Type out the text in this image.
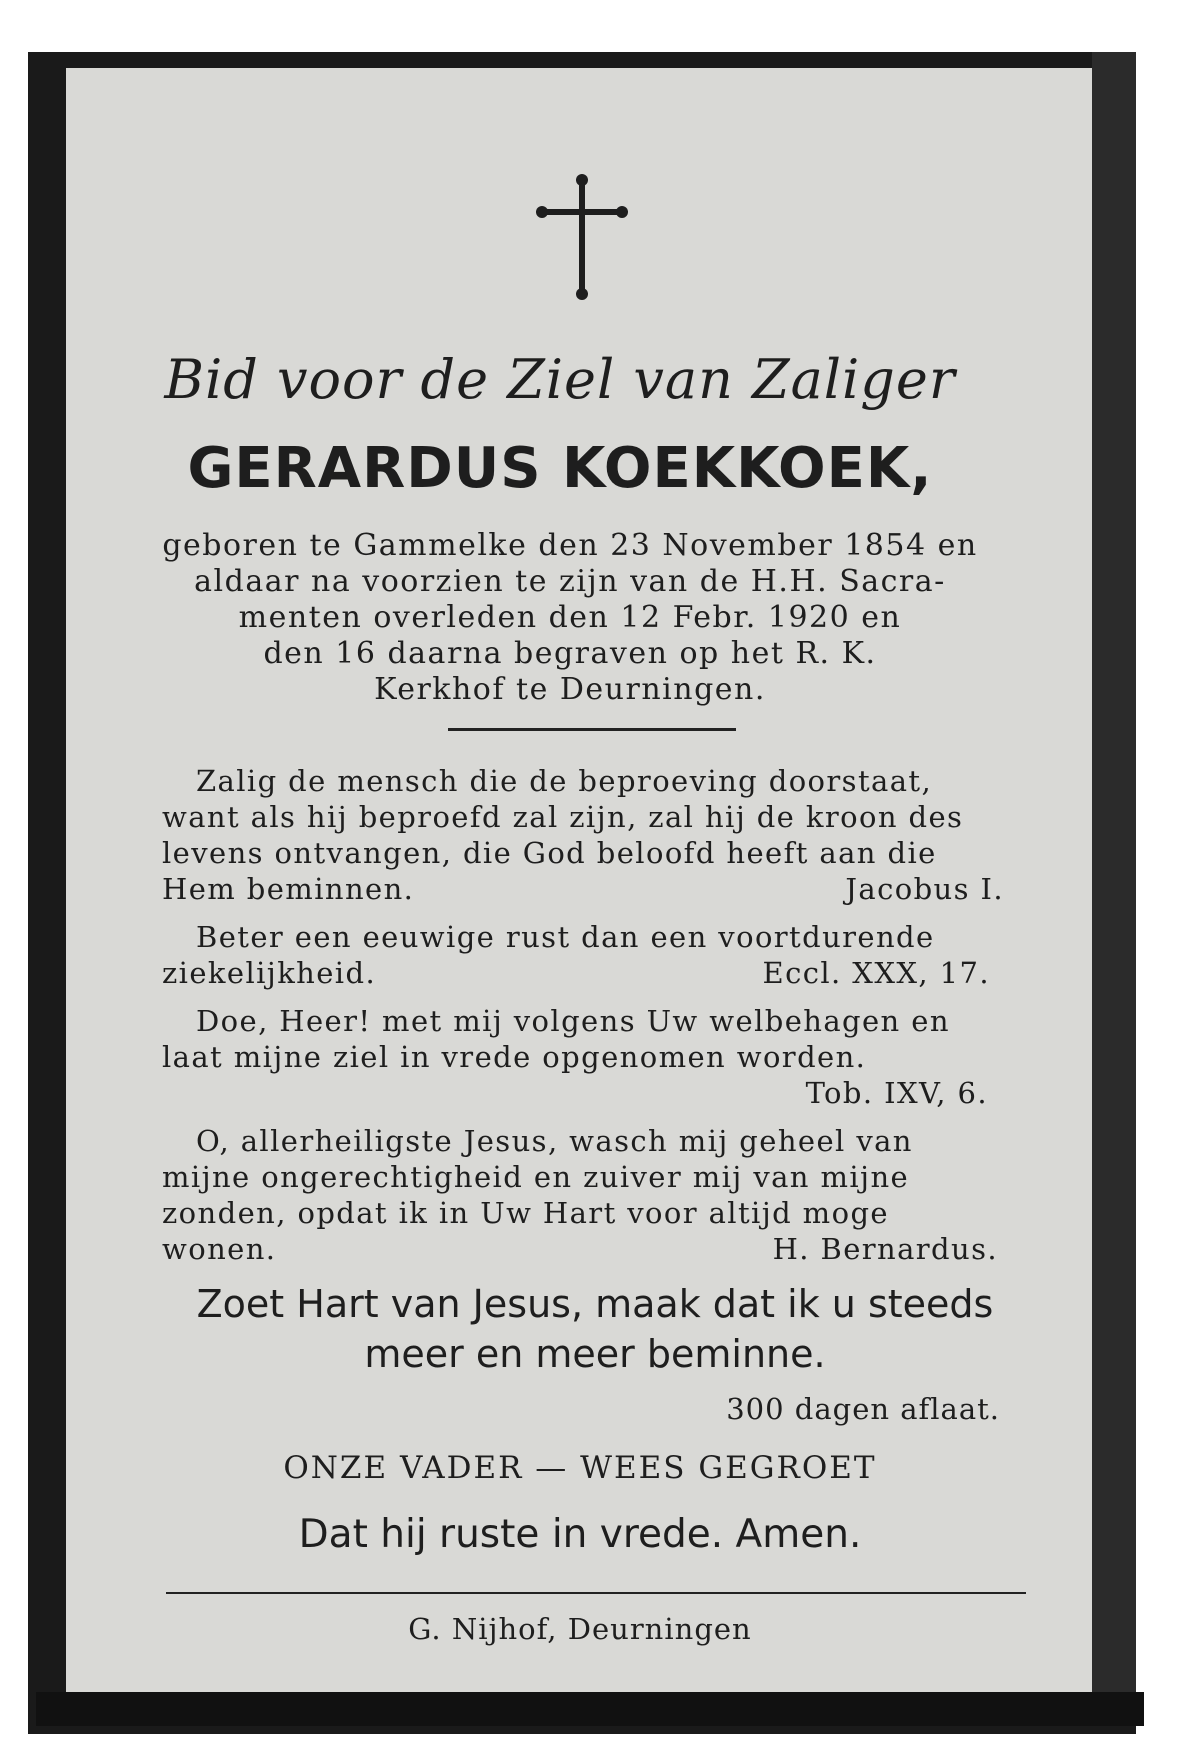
Bid voor de Ziel van Zaliger
GERARDUS KOEKKOEK,
geboren te Gammelke den 23 November 1854 en
aldaar na voorzien te zijn van de H.H. Sacra-
menten overleden den 12 Febr. 1920 en
den 16 daarna begraven op het R. K.
Kerkhof te Deurningen.
Zalig de mensch die de beproeving doorstaat,
want als hij beproefd zal zijn, zal hij de kroon des
levens ontvangen, die God beloofd heeft aan die
Hem beminnen.	Jacobus I.
Beter een eeuwige rust dan een voortdurende
ziekelijkheid.	Eccl. XXX, 17.
Doe, Heer! met mij volgens Uw welbehagen en
laat mijne ziel in vrede opgenomen worden.
Tob. IXV, 6.
O, allerheiligste Jesus, wasch mij geheel van
mijne ongerechtigheid en zuiver mij van mijne
zonden, opdat ik in Uw Hart voor altijd moge
wonen.	H. Bernardus.
Zoet Hart van Jesus, maak dat ik u steeds
meer en meer beminne.
300 dagen aflaat.
ONZE VADER — WEES GEGROET
Dat hij ruste in vrede. Amen.
G. Nijhof, Deurningen
